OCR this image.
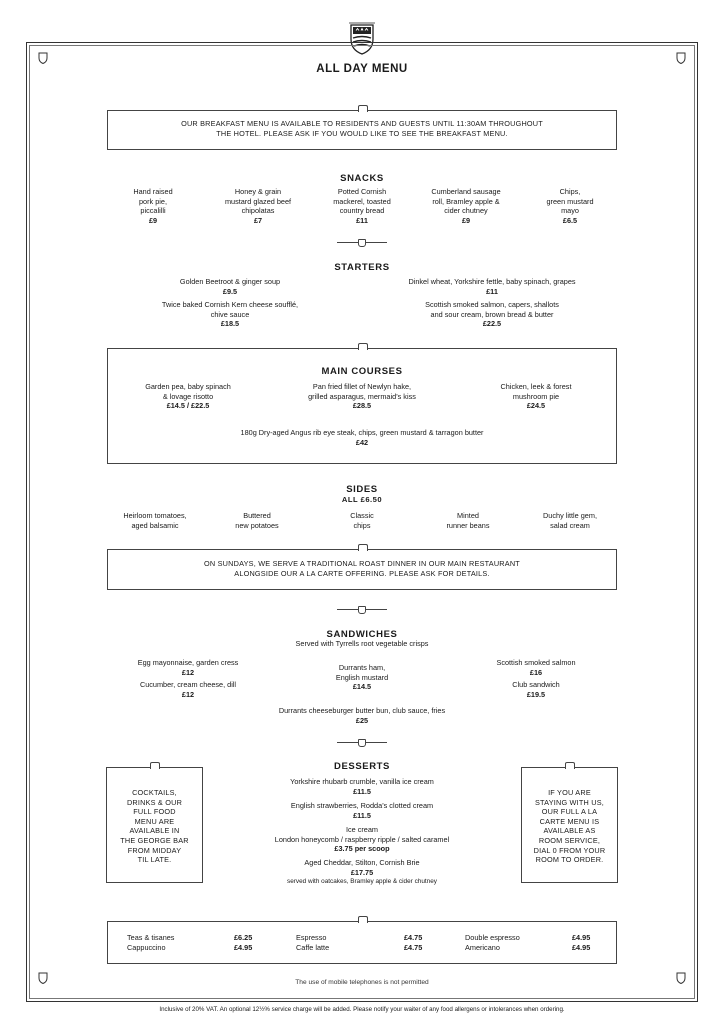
ALL DAY MENU
OUR BREAKFAST MENU IS AVAILABLE TO RESIDENTS AND GUESTS UNTIL 11:30AM THROUGHOUT
THE HOTEL. PLEASE ASK IF YOU WOULD LIKE TO SEE THE BREAKFAST MENU.
SNACKS
Hand raised
pork pie,
piccalilli
£9
Honey & grain
mustard glazed beef
chipolatas
£7
Potted Cornish
mackerel, toasted
country bread
£11
Cumberland sausage
roll, Bramley apple &
cider chutney
£9
Chips,
green mustard
mayo
£6.5
STARTERS
Golden Beetroot & ginger soup
£9.5
Dinkel wheat, Yorkshire fettle, baby spinach, grapes
£11
Twice baked Cornish Kern cheese soufflé,
chive sauce
£18.5
Scottish smoked salmon, capers, shallots
and sour cream, brown bread & butter
£22.5
MAIN COURSES
Garden pea, baby spinach
& lovage risotto
£14.5 / £22.5
Pan fried fillet of Newlyn hake,
grilled asparagus, mermaid’s kiss
£28.5
Chicken, leek & forest
mushroom pie
£24.5
180g Dry-aged Angus rib eye steak, chips, green mustard & tarragon butter
£42
SIDES
ALL £6.50
Heirloom tomatoes,
aged balsamic
Buttered
new potatoes
Classic
chips
Minted
runner beans
Duchy little gem,
salad cream
ON SUNDAYS, WE SERVE A TRADITIONAL ROAST DINNER IN OUR MAIN RESTAURANT
ALONGSIDE OUR A LA CARTE OFFERING. PLEASE ASK FOR DETAILS.
SANDWICHES
Served with Tyrrells root vegetable crisps
Egg mayonnaise, garden cress
£12	Durrants ham,
English mustard
£14.5
Scottish smoked salmon
£16
Cucumber, cream cheese, dill
£12
Club sandwich
£19.5
Durrants cheeseburger butter bun, club sauce, fries
£25
DESSERTS
Yorkshire rhubarb crumble, vanilla ice cream
£11.5
English strawberries, Rodda’s clotted cream
£11.5
Ice cream
London honeycomb / raspberry ripple / salted caramel
£3.75 per scoop
Aged Cheddar, Stilton, Cornish Brie
£17.75
served with oatcakes, Bramley apple & cider chutney
COCKTAILS,
DRINKS & OUR
FULL FOOD
MENU ARE
AVAILABLE IN
THE GEORGE BAR
FROM MIDDAY
TIL LATE.
IF YOU ARE
STAYING WITH US,
OUR FULL A LA
CARTE MENU IS
AVAILABLE AS
ROOM SERVICE,
DIAL 0 FROM YOUR
ROOM TO ORDER.
Teas & tisanes
Cappuccino
£6.25
£4.95
Espresso
Caffe latte
£4.75
£4.75
Double espresso
Americano
£4.95
£4.95
The use of mobile telephones is not permitted
Inclusive of 20% VAT. An optional 12½% service charge will be added. Please notify your waiter of any food allergens or intolerances when ordering.
